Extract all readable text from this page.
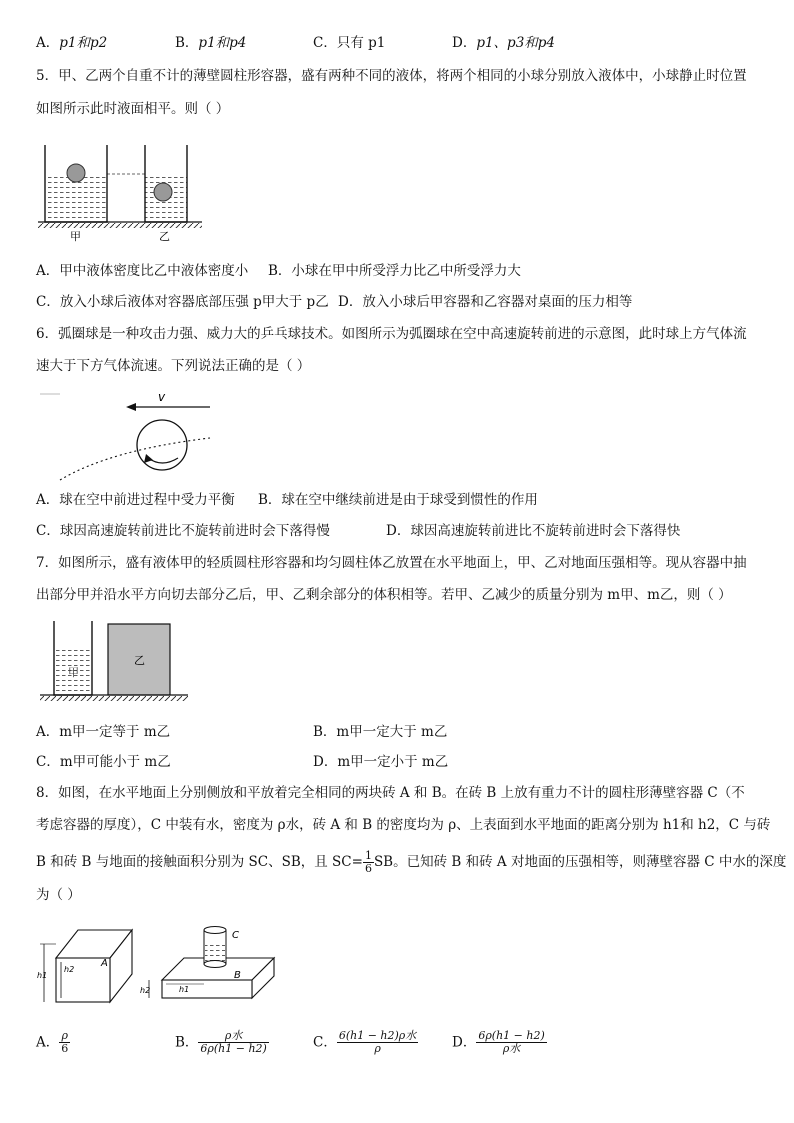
A．p1和p2	B．p1和p4	C．只有 p1	D．p1、p3和p4
5．甲、乙两个自重不计的薄壁圆柱形容器，盛有两种不同的液体，将两个相同的小球分别放入液体中，小球静止时位置
如图所示此时液面相平。则（ ）
甲	乙
A．甲中液体密度比乙中液体密度小 B．小球在甲中所受浮力比乙中所受浮力大
C．放入小球后液体对容器底部压强 p甲大于 p乙 D．放入小球后甲容器和乙容器对桌面的压力相等
6．弧圈球是一种攻击力强、威力大的乒乓球技术。如图所示为弧圈球在空中高速旋转前进的示意图，此时球上方气体流
速大于下方气体流速。下列说法正确的是（ ）
v
A．球在空中前进过程中受力平衡 B．球在空中继续前进是由于球受到惯性的作用
C．球因高速旋转前进比不旋转前进时会下落得慢	D．球因高速旋转前进比不旋转前进时会下落得快
7．如图所示，盛有液体甲的轻质圆柱形容器和均匀圆柱体乙放置在水平地面上，甲、乙对地面压强相等。现从容器中抽
出部分甲并沿水平方向切去部分乙后，甲、乙剩余部分的体积相等。若甲、乙减少的质量分别为 m甲、m乙，则（ ）
甲
乙
A．m甲一定等于 m乙	B．m甲一定大于 m乙
C．m甲可能小于 m乙	D．m甲一定小于 m乙
8．如图，在水平地面上分别侧放和平放着完全相同的两块砖 A 和 B。在砖 B 上放有重力不计的圆柱形薄壁容器 C（不
考虑容器的厚度），C 中装有水，密度为 ρ水，砖 A 和 B 的密度均为 ρ、上表面到水平地面的距离分别为 h1和 h2，C 与砖
B 和砖 B 与地面的接触面积分别为 SC、SB，且 $SC= \frac{1}{6}$ SB。已知砖 B 和砖 A 对地面的压强相等，则薄壁容器 C 中水的深度
为（ ）
h2
h1
A
h1
h2
B
C
A． $\frac{\rho}{6}$	B． $\frac{\text{ρ水}}{6\rho(h1 - h2)}$	C． $\frac{\text{6(h1 − h2)ρ水}}{\rho}$ D． $\frac{6\rho(h1 - h2)}{\text{ρ水}}$
